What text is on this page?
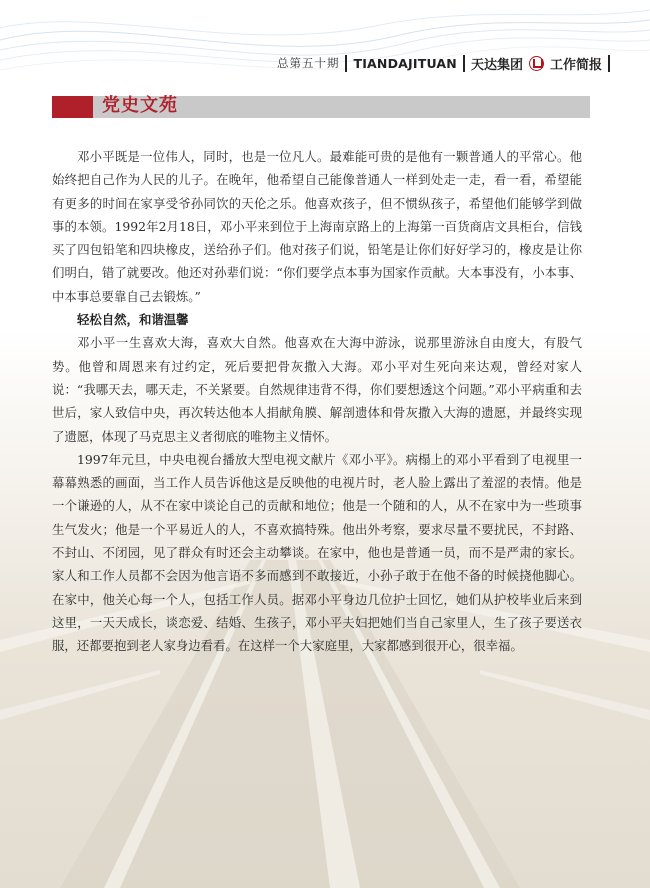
总第五十期 TIANDAJITUAN 天达集团 工作简报
党史文苑

邓小平既是一位伟人，同时，也是一位凡人。最难能可贵的是他有一颗普通人的平常心。他始终把自己作为人民的儿子。在晚年，他希望自己能像普通人一样到处走一走，看一看，希望能有更多的时间在家享受爷孙同饮的天伦之乐。他喜欢孩子，但不惯纵孩子，希望他们能够学到做事的本领。1992年2月18日，邓小平来到位于上海南京路上的上海第一百货商店文具柜台，信钱买了四包铅笔和四块橡皮，送给孙子们。他对孩子们说，铅笔是让你们好好学习的，橡皮是让你们明白，错了就要改。他还对孙辈们说：“你们要学点本事为国家作贡献。大本事没有，小本事、中本事总要靠自己去锻炼。”

轻松自然，和谐温馨

邓小平一生喜欢大海，喜欢大自然。他喜欢在大海中游泳，说那里游泳自由度大，有股气势。他曾和周恩来有过约定，死后要把骨灰撒入大海。邓小平对生死向来达观，曾经对家人说：“我哪天去，哪天走，不关紧要。自然规律违背不得，你们要想透这个问题。”邓小平病重和去世后，家人致信中央，再次转达他本人捐献角膜、解剖遗体和骨灰撒入大海的遗愿，并最终实现了遗愿，体现了马克思主义者彻底的唯物主义情怀。

1997年元旦，中央电视台播放大型电视文献片《邓小平》。病榻上的邓小平看到了电视里一幕幕熟悉的画面，当工作人员告诉他这是反映他的电视片时，老人脸上露出了羞涩的表情。他是一个谦逊的人，从不在家中谈论自己的贡献和地位；他是一个随和的人，从不在家中为一些琐事生气发火；他是一个平易近人的人，不喜欢搞特殊。他出外考察，要求尽量不要扰民，不封路、不封山、不闭园，见了群众有时还会主动攀谈。在家中，他也是普通一员，而不是严肃的家长。家人和工作人员都不会因为他言语不多而感到不敢接近，小孙子敢于在他不备的时候挠他脚心。在家中，他关心每一个人，包括工作人员。据邓小平身边几位护士回忆，她们从护校毕业后来到这里，一天天成长，谈恋爱、结婚、生孩子，邓小平夫妇把她们当自己家里人，生了孩子要送衣服，还都要抱到老人家身边看看。在这样一个大家庭里，大家都感到很开心，很幸福。
